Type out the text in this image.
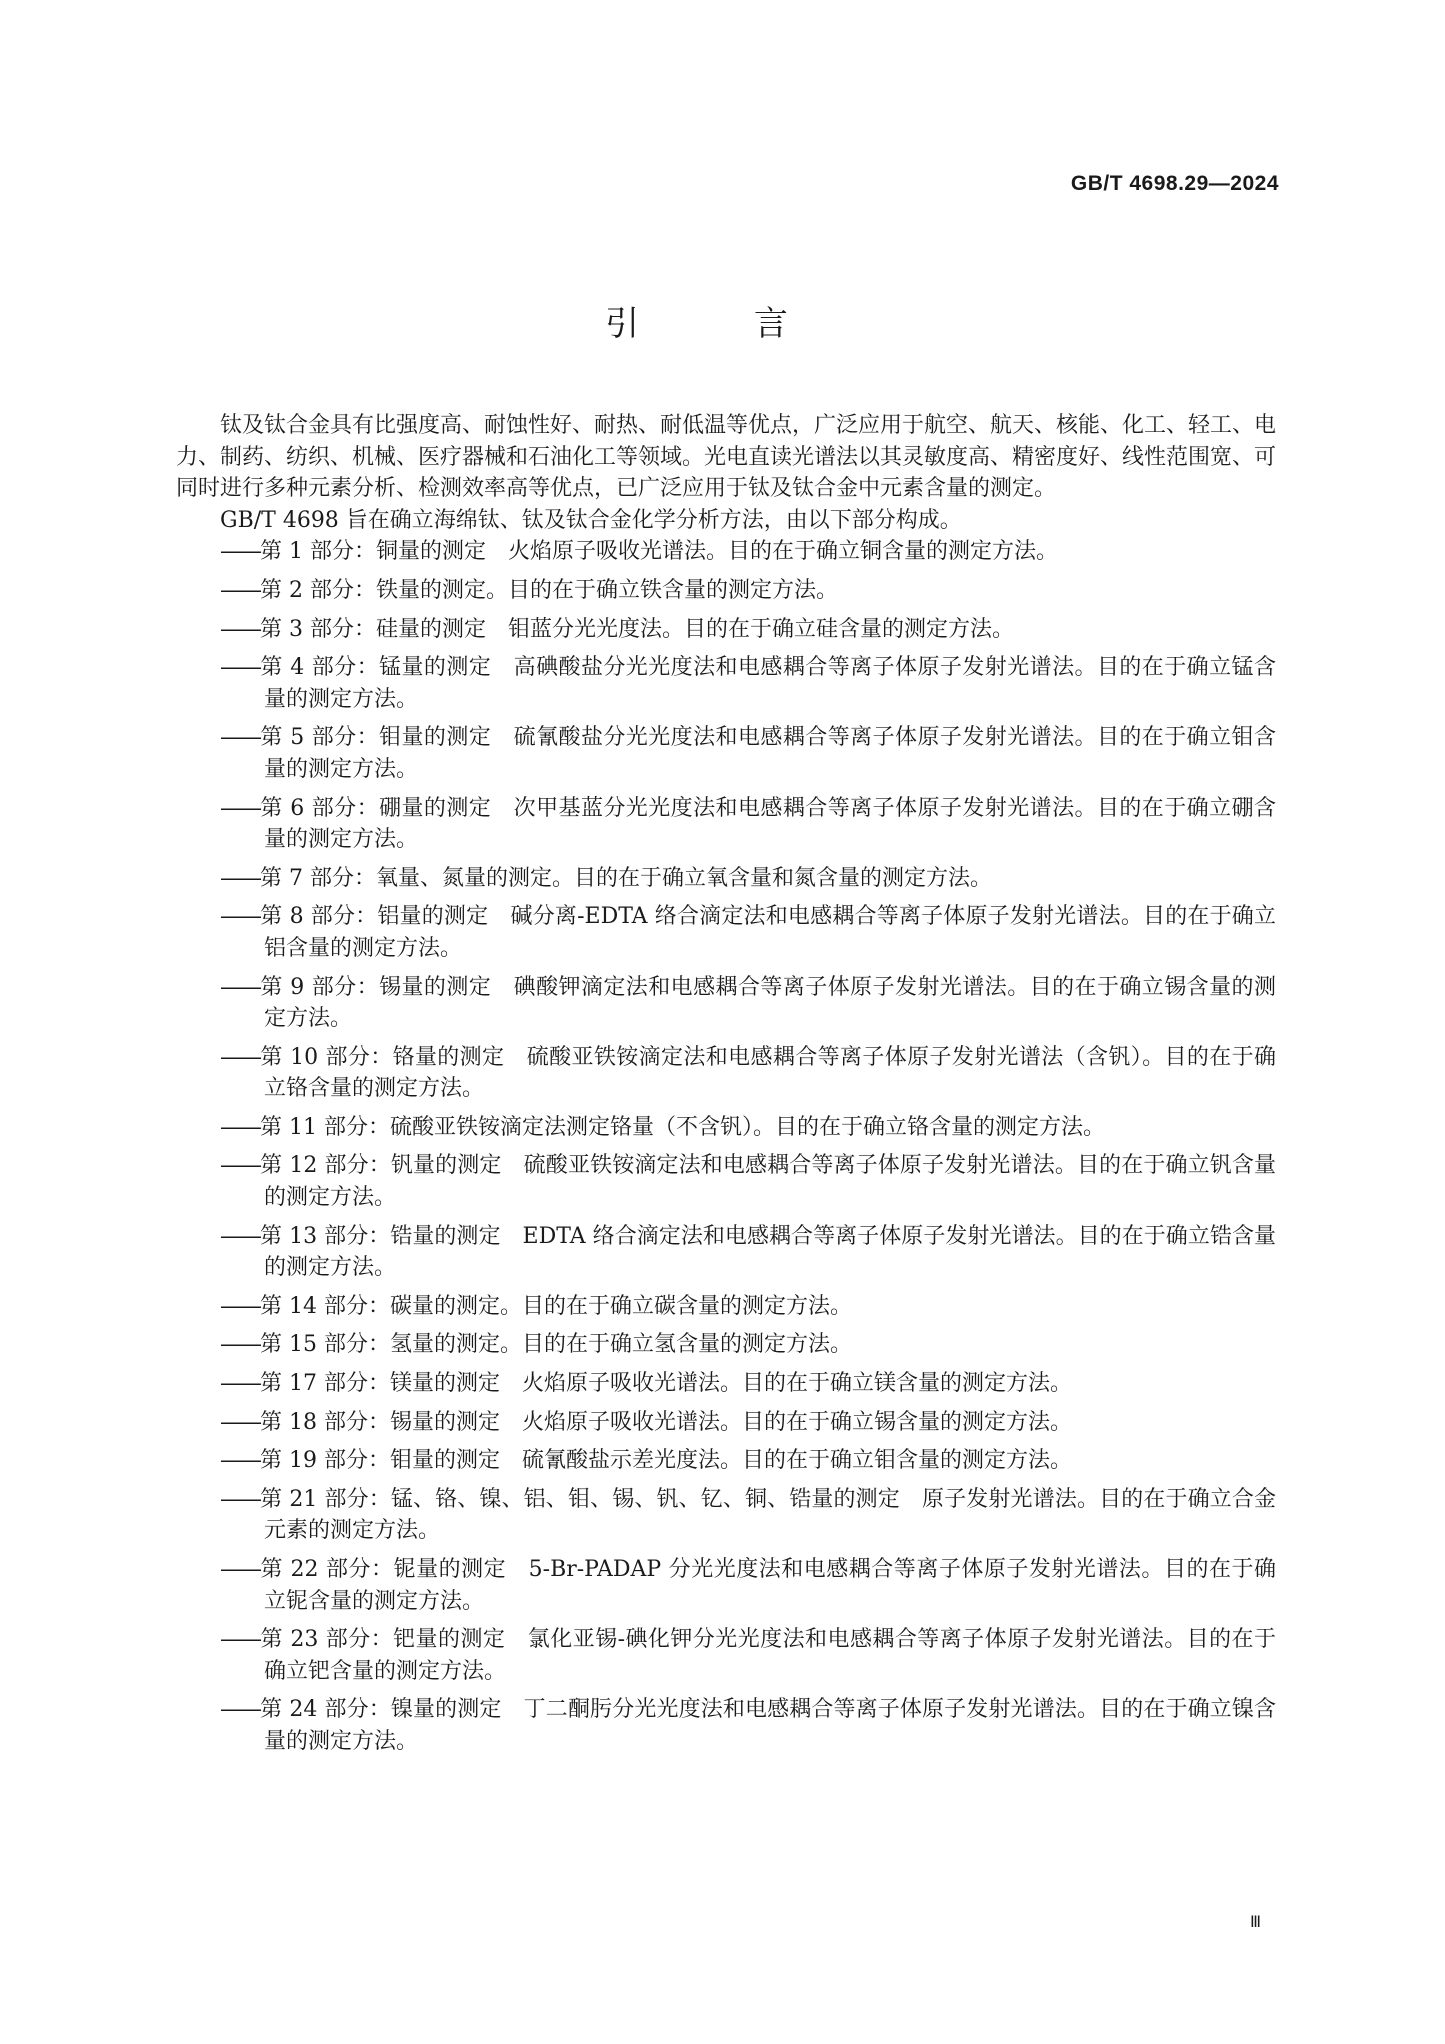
GB/T 4698.29—2024
引 言

钛及钛合金具有比强度高、耐蚀性好、耐热、耐低温等优点，广泛应用于航空、航天、核能、化工、轻工、电力、制药、纺织、机械、医疗器械和石油化工等领域。光电直读光谱法以其灵敏度高、精密度好、线性范围宽、可同时进行多种元素分析、检测效率高等优点，已广泛应用于钛及钛合金中元素含量的测定。

GB/T 4698 旨在确立海绵钛、钛及钛合金化学分析方法，由以下部分构成。

——第 1 部分：铜量的测定　火焰原子吸收光谱法。目的在于确立铜含量的测定方法。
——第 2 部分：铁量的测定。目的在于确立铁含量的测定方法。
——第 3 部分：硅量的测定　钼蓝分光光度法。目的在于确立硅含量的测定方法。
——第 4 部分：锰量的测定　高碘酸盐分光光度法和电感耦合等离子体原子发射光谱法。目的在于确立锰含量的测定方法。
——第 5 部分：钼量的测定　硫氰酸盐分光光度法和电感耦合等离子体原子发射光谱法。目的在于确立钼含量的测定方法。
——第 6 部分：硼量的测定　次甲基蓝分光光度法和电感耦合等离子体原子发射光谱法。目的在于确立硼含量的测定方法。
——第 7 部分：氧量、氮量的测定。目的在于确立氧含量和氮含量的测定方法。
——第 8 部分：铝量的测定　碱分离-EDTA 络合滴定法和电感耦合等离子体原子发射光谱法。目的在于确立铝含量的测定方法。
——第 9 部分：锡量的测定　碘酸钾滴定法和电感耦合等离子体原子发射光谱法。目的在于确立锡含量的测定方法。
——第 10 部分：铬量的测定　硫酸亚铁铵滴定法和电感耦合等离子体原子发射光谱法（含钒）。目的在于确立铬含量的测定方法。
——第 11 部分：硫酸亚铁铵滴定法测定铬量（不含钒）。目的在于确立铬含量的测定方法。
——第 12 部分：钒量的测定　硫酸亚铁铵滴定法和电感耦合等离子体原子发射光谱法。目的在于确立钒含量的测定方法。
——第 13 部分：锆量的测定　EDTA 络合滴定法和电感耦合等离子体原子发射光谱法。目的在于确立锆含量的测定方法。
——第 14 部分：碳量的测定。目的在于确立碳含量的测定方法。
——第 15 部分：氢量的测定。目的在于确立氢含量的测定方法。
——第 17 部分：镁量的测定　火焰原子吸收光谱法。目的在于确立镁含量的测定方法。
——第 18 部分：锡量的测定　火焰原子吸收光谱法。目的在于确立锡含量的测定方法。
——第 19 部分：钼量的测定　硫氰酸盐示差光度法。目的在于确立钼含量的测定方法。
——第 21 部分：锰、铬、镍、铝、钼、锡、钒、钇、铜、锆量的测定　原子发射光谱法。目的在于确立合金元素的测定方法。
——第 22 部分：铌量的测定　5-Br-PADAP 分光光度法和电感耦合等离子体原子发射光谱法。目的在于确立铌含量的测定方法。
——第 23 部分：钯量的测定　氯化亚锡-碘化钾分光光度法和电感耦合等离子体原子发射光谱法。目的在于确立钯含量的测定方法。
——第 24 部分：镍量的测定　丁二酮肟分光光度法和电感耦合等离子体原子发射光谱法。目的在于确立镍含量的测定方法。
Ⅲ
